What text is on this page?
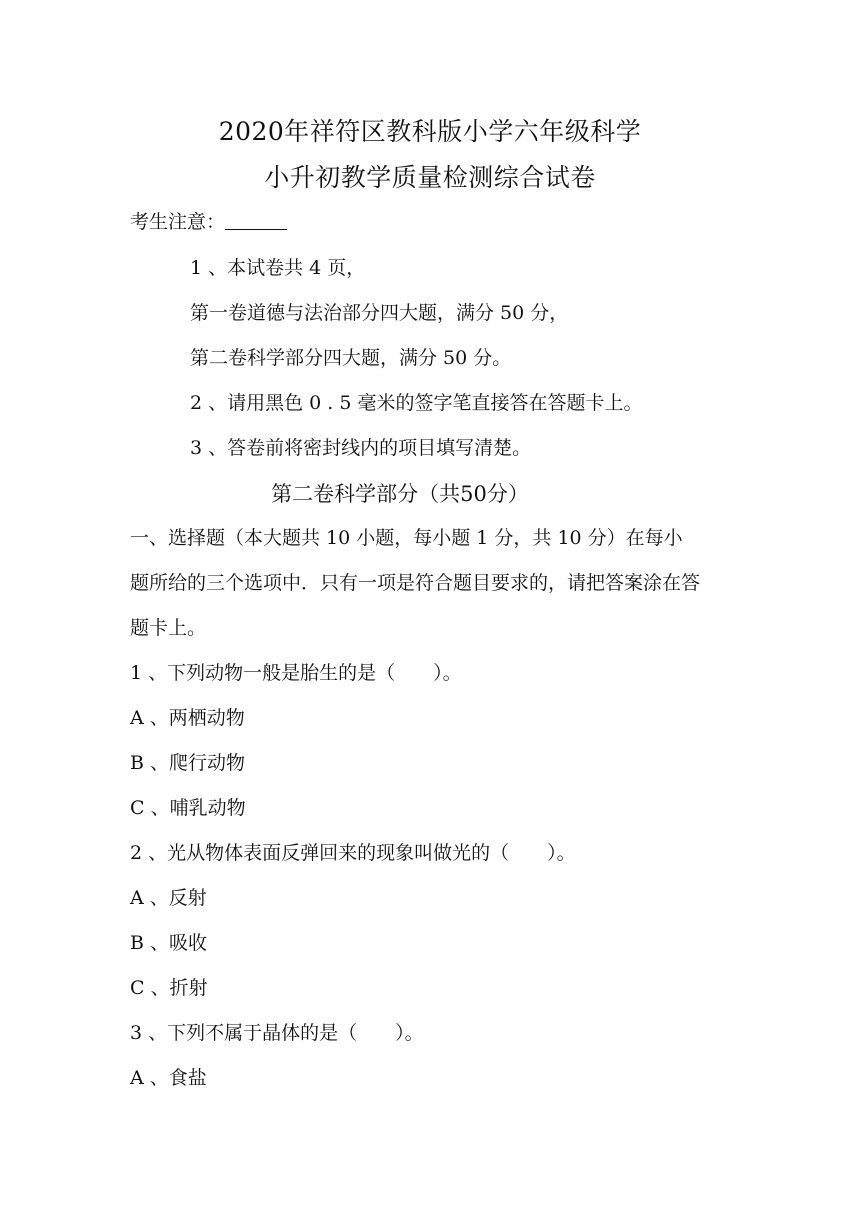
2020年祥符区教科版小学六年级科学
小升初教学质量检测综合试卷
考生注意：
1 、本试卷共 4 页，
第一卷道德与法治部分四大题，满分 50 分，
第二卷科学部分四大题，满分 50 分。
2 、请用黑色 0 . 5 毫米的签字笔直接答在答题卡上。
3 、答卷前将密封线内的项目填写清楚。
第二卷科学部分（共50分）
一、选择题（本大题共 10 小题，每小题 1 分，共 10 分）在每小
题所给的三个选项中．只有一项是符合题目要求的，请把答案涂在答
题卡上。
1 、下列动物一般是胎生的是（　　）。
A 、两栖动物
B 、爬行动物
C 、哺乳动物
2 、光从物体表面反弹回来的现象叫做光的（　　）。
A 、反射
B 、吸收
C 、折射
3 、下列不属于晶体的是（　　）。
A 、食盐
